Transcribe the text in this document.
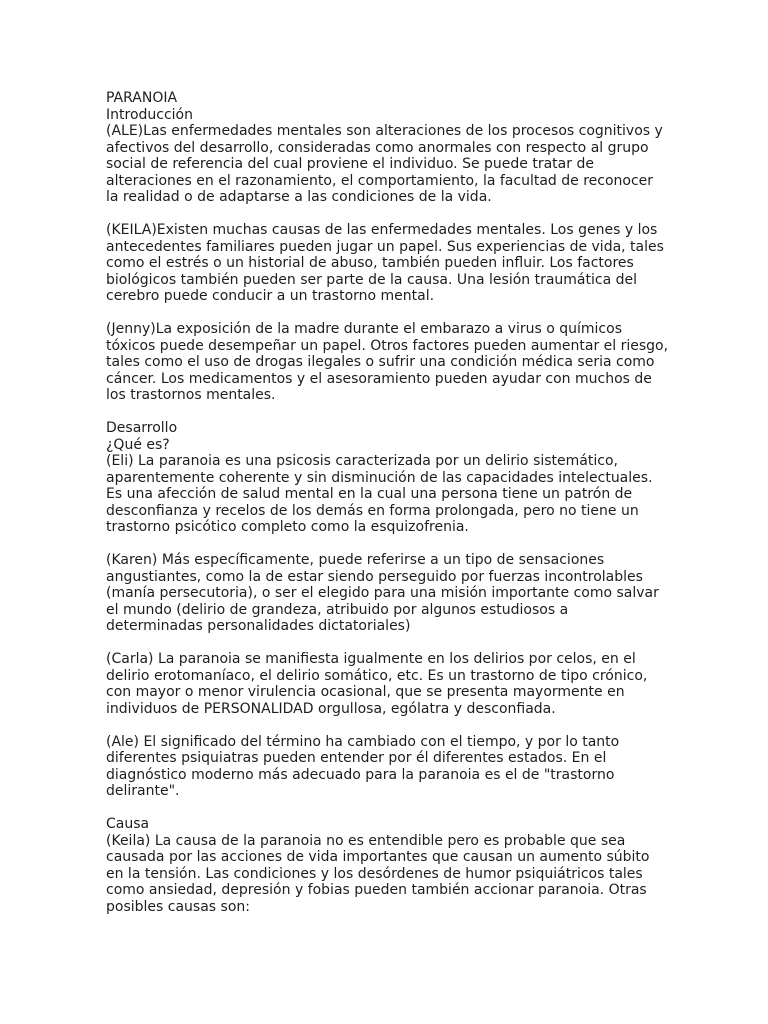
PARANOIA
Introducción
(ALE)Las enfermedades mentales son alteraciones de los procesos cognitivos y
afectivos del desarrollo, consideradas como anormales con respecto al grupo
social de referencia del cual proviene el individuo. Se puede tratar de
alteraciones en el razonamiento, el comportamiento, la facultad de reconocer
la realidad o de adaptarse a las condiciones de la vida.
(KEILA)Existen muchas causas de las enfermedades mentales. Los genes y los
antecedentes familiares pueden jugar un papel. Sus experiencias de vida, tales
como el estrés o un historial de abuso, también pueden influir. Los factores
biológicos también pueden ser parte de la causa. Una lesión traumática del
cerebro puede conducir a un trastorno mental.
(Jenny)La exposición de la madre durante el embarazo a virus o químicos
tóxicos puede desempeñar un papel. Otros factores pueden aumentar el riesgo,
tales como el uso de drogas ilegales o sufrir una condición médica seria como
cáncer. Los medicamentos y el asesoramiento pueden ayudar con muchos de
los trastornos mentales.
Desarrollo
¿Qué es?
(Eli) La paranoia es una psicosis caracterizada por un delirio sistemático,
aparentemente coherente y sin disminución de las capacidades intelectuales.
Es una afección de salud mental en la cual una persona tiene un patrón de
desconfianza y recelos de los demás en forma prolongada, pero no tiene un
trastorno psicótico completo como la esquizofrenia.
(Karen) Más específicamente, puede referirse a un tipo de sensaciones
angustiantes, como la de estar siendo perseguido por fuerzas incontrolables
(manía persecutoria), o ser el elegido para una misión importante como salvar
el mundo (delirio de grandeza, atribuido por algunos estudiosos a
determinadas personalidades dictatoriales)
(Carla) La paranoia se manifiesta igualmente en los delirios por celos, en el
delirio erotomaníaco, el delirio somático, etc. Es un trastorno de tipo crónico,
con mayor o menor virulencia ocasional, que se presenta mayormente en
individuos de PERSONALIDAD orgullosa, ególatra y desconfiada.
(Ale) El significado del término ha cambiado con el tiempo, y por lo tanto
diferentes psiquiatras pueden entender por él diferentes estados. En el
diagnóstico moderno más adecuado para la paranoia es el de "trastorno
delirante".
Causa
(Keila) La causa de la paranoia no es entendible pero es probable que sea
causada por las acciones de vida importantes que causan un aumento súbito
en la tensión. Las condiciones y los desórdenes de humor psiquiátricos tales
como ansiedad, depresión y fobias pueden también accionar paranoia. Otras
posibles causas son:
